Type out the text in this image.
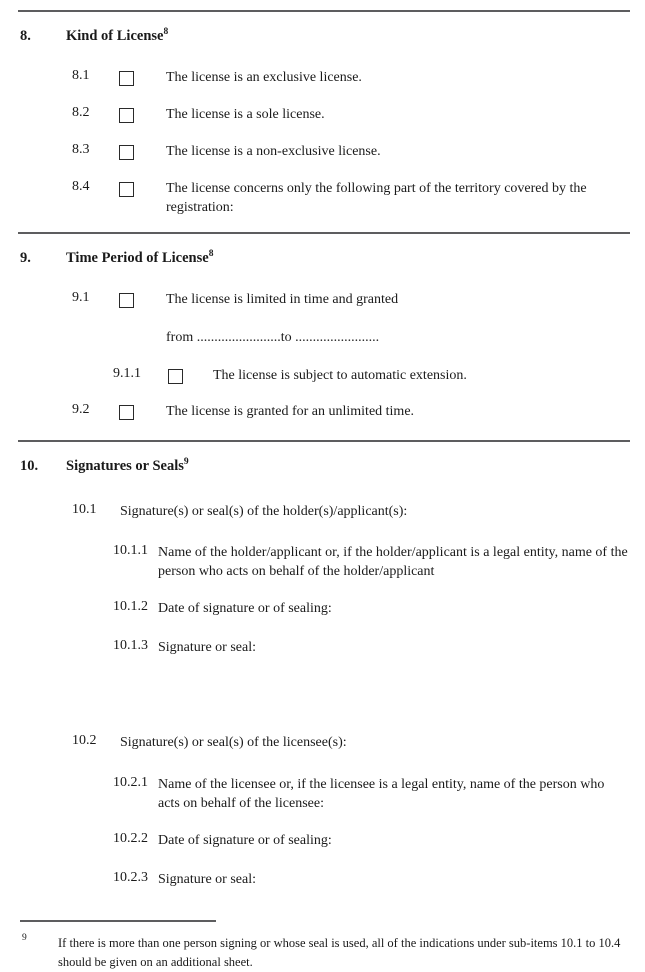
8. Kind of License$^8$
8.1	The license is an exclusive license.
8.2	The license is a sole license.
8.3	The license is a non-exclusive license.
8.4	The license concerns only the following part of the territory covered by the registration:
9. Time Period of License$^8$
9.1	The license is limited in time and granted
from ........................to ........................
9.1.1	The license is subject to automatic extension.
9.2	The license is granted for an unlimited time.
10. Signatures or Seals$^9$
10.1 Signature(s) or seal(s) of the holder(s)/applicant(s):
10.1.1 Name of the holder/applicant or, if the holder/applicant is a legal entity, name of the person who acts on behalf of the holder/applicant
10.1.2 Date of signature or of sealing:
10.1.3 Signature or seal:
10.2 Signature(s) or seal(s) of the licensee(s):
10.2.1 Name of the licensee or, if the licensee is a legal entity, name of the person who acts on behalf of the licensee:
10.2.2 Date of signature or of sealing:
10.2.3 Signature or seal:
9	If there is more than one person signing or whose seal is used, all of the indications under sub-items 10.1 to 10.4 should be given on an additional sheet.
